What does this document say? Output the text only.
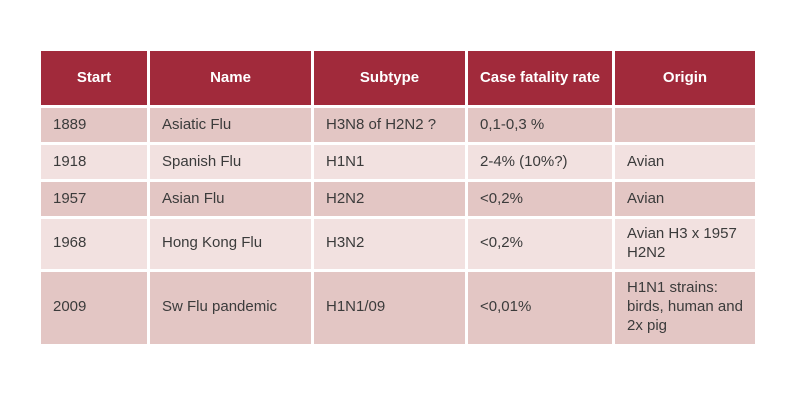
Start	Name	Subtype	Case fatality rate	Origin
1889	Asiatic Flu	H3N8 of H2N2 ?	0,1-0,3 %	
1918	Spanish Flu	H1N1	2-4% (10%?)	Avian
1957	Asian Flu	H2N2	<0,2%	Avian
1968	Hong Kong Flu	H3N2	<0,2%	Avian H3 x 1957 H2N2
2009	Sw Flu pandemic	H1N1/09	<0,01%	H1N1 strains: birds, human and 2x pig
